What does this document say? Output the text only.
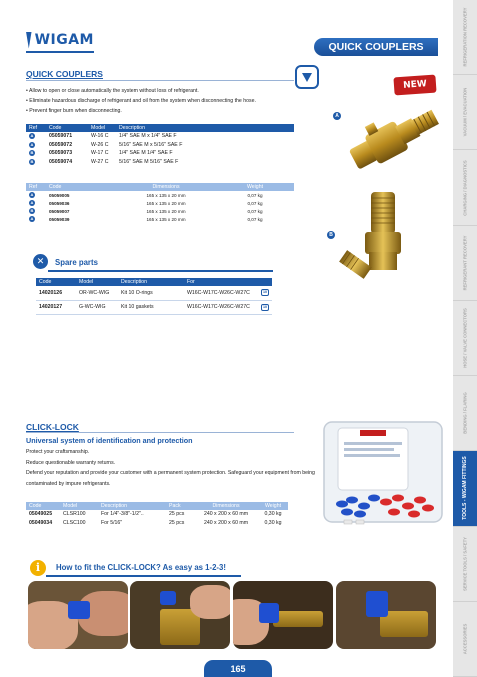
REFRIGERATION RECOVERY
VACUUM / EVACUATION
CHARGING / DIAGNOSTICS
REFRIGERANT RECOVERY
HOSE / VALVE CONNECTORS
BENDING / FLARING
TOOLS - WIGAM FITTINGS
SERVICE TOOLS / SAFETY
ACCESSORIES
WIGAM	QUICK COUPLERS
QUICK COUPLERS
• Allow to open or close automatically the system without loss of refrigerant.
• Eliminate hazardous discharge of refrigerant and oil from the system when disconnecting the hose.
• Prevent finger burn when disconnecting.
Ref	Code	Model	Description
A	05059071	W-16 C	1/4" SAE M x 1/4" SAE F
A	05059072	W-26 C	5/16" SAE M x 5/16" SAE F
B	05059073	W-17 C	1/4" SAE M 1/4" SAE F
B	05059074	W-27 C	5/16" SAE M 5/16" SAE F
Ref	Code	Dimensions	Weight
A	05059005	165 x 135 x 20 mm	0,07 kg
A	05059036	165 x 135 x 20 mm	0,07 kg
B	05059007	165 x 135 x 20 mm	0,07 kg
A	05059039	165 x 135 x 20 mm	0,07 kg
NEW
A
B
✕	Spare parts
Code	Model	Description	For	
14020126	OR-WC-WIG	Kit 10 O-rings	W16C-W17C-W26C-W27C	10
14020127	G-WC-WIG	Kit 10 gaskets	W16C-W17C-W26C-W27C	10
CLICK-LOCK
Universal system of identification and protection
Protect your craftsmanship.
Reduce questionable warranty returns.
Defend your reputation and provide your customer with a permanent system protection. Safeguard your equipment from being contaminated by impure refrigerants.
Code	Model	Description	Pack	Dimensions	Weight
05049025	CLSR100	For 1/4"-3/8"-1/2"..	25 pcs	240 x 200 x 60 mm	0,30 kg
05049034	CLSC100	For 5/16"	25 pcs	240 x 200 x 60 mm	0,30 kg
i	How to fit the CLICK-LOCK? As easy as 1-2-3!
165
